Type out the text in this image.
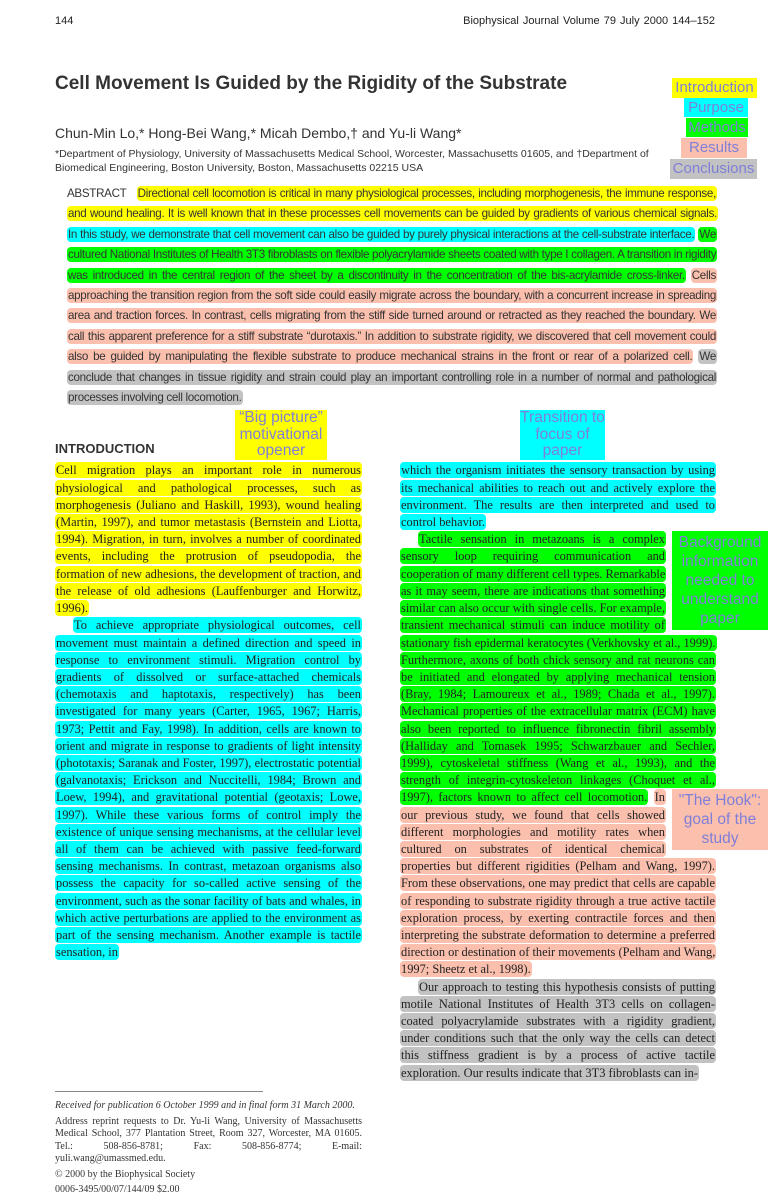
144	Biophysical Journal Volume 79 July 2000 144–152
Cell Movement Is Guided by the Rigidity of the Substrate
Chun-Min Lo,* Hong-Bei Wang,* Micah Dembo,† and Yu-li Wang*
*Department of Physiology, University of Massachusetts Medical School, Worcester, Massachusetts 01605, and †Department of Biomedical Engineering, Boston University, Boston, Massachusetts 02215 USA
Introduction
Purpose
Methods
Results
Conclusions
ABSTRACT Directional cell locomotion is critical in many physiological processes, including morphogenesis, the immune response, and wound healing. It is well known that in these processes cell movements can be guided by gradients of various chemical signals. In this study, we demonstrate that cell movement can also be guided by purely physical interactions at the cell-substrate interface. We cultured National Institutes of Health 3T3 fibroblasts on flexible polyacrylamide sheets coated with type I collagen. A transition in rigidity was introduced in the central region of the sheet by a discontinuity in the concentration of the bis-acrylamide cross-linker. Cells approaching the transition region from the soft side could easily migrate across the boundary, with a concurrent increase in spreading area and traction forces. In contrast, cells migrating from the stiff side turned around or retracted as they reached the boundary. We call this apparent preference for a stiff substrate “durotaxis.” In addition to substrate rigidity, we discovered that cell movement could also be guided by manipulating the flexible substrate to produce mechanical strains in the front or rear of a polarized cell. We conclude that changes in tissue rigidity and strain could play an important controlling role in a number of normal and pathological processes involving cell locomotion.
INTRODUCTION
“Big picture” motivational opener
Transition to focus of paper

Cell migration plays an important role in numerous physiological and pathological processes, such as morphogenesis (Juliano and Haskill, 1993), wound healing (Martin, 1997), and tumor metastasis (Bernstein and Liotta, 1994). Migration, in turn, involves a number of coordinated events, including the protrusion of pseudopodia, the formation of new adhesions, the development of traction, and the release of old adhesions (Lauffenburger and Horwitz, 1996).

To achieve appropriate physiological outcomes, cell movement must maintain a defined direction and speed in response to environment stimuli. Migration control by gradients of dissolved or surface-attached chemicals (chemotaxis and haptotaxis, respectively) has been investigated for many years (Carter, 1965, 1967; Harris, 1973; Pettit and Fay, 1998). In addition, cells are known to orient and migrate in response to gradients of light intensity (phototaxis; Saranak and Foster, 1997), electrostatic potential (galvanotaxis; Erickson and Nuccitelli, 1984; Brown and Loew, 1994), and gravitational potential (geotaxis; Lowe, 1997). While these various forms of control imply the existence of unique sensing mechanisms, at the cellular level all of them can be achieved with passive feed-forward sensing mechanisms. In contrast, metazoan organisms also possess the capacity for so-called active sensing of the environment, such as the sonar facility of bats and whales, in which active perturbations are applied to the environment as part of the sensing mechanism. Another example is tactile sensation, in

Received for publication 6 October 1999 and in final form 31 March 2000.

Address reprint requests to Dr. Yu-li Wang, University of Massachusetts Medical School, 377 Plantation Street, Room 327, Worcester, MA 01605. Tel.: 508-856-8781; Fax: 508-856-8774; E-mail: yuli.wang@umassmed.edu.

© 2000 by the Biophysical Society

0006-3495/00/07/144/09 $2.00

which the organism initiates the sensory transaction by using its mechanical abilities to reach out and actively explore the environment. The results are then interpreted and used to control behavior.

Background information needed to understand paper
Tactile sensation in metazoans is a complex sensory loop requiring communication and cooperation of many different cell types. Remarkable as it may seem, there are indications that something similar can also occur with single cells. For example, transient mechanical stimuli can induce motility of stationary fish epidermal keratocytes (Verkhovsky et al., 1999). Furthermore, axons of both chick sensory and rat neurons can be initiated and elongated by applying mechanical tension (Bray, 1984; Lamoureux et al., 1989; Chada et al., 1997). Mechanical properties of the extracellular matrix (ECM) have also been reported to influence fibronectin fibril assembly (Halliday and Tomasek 1995; Schwarzbauer and Sechler, 1999), cytoskeletal stiffness (Wang et al., 1993), and the strength of integrin-cytoskeleton linkages (Choquet et al., 1997), factors known to affect cell locomotion.	"The Hook": goal of the study
In our previous study, we found that cells showed different morphologies and motility rates when cultured on substrates of identical chemical properties but different rigidities (Pelham and Wang, 1997). From these observations, one may predict that cells are capable of responding to substrate rigidity through a true active tactile exploration process, by exerting contractile forces and then interpreting the substrate deformation to determine a preferred direction or destination of their movements (Pelham and Wang, 1997; Sheetz et al., 1998).

Our approach to testing this hypothesis consists of putting motile National Institutes of Health 3T3 cells on collagen-coated polyacrylamide substrates with a rigidity gradient, under conditions such that the only way the cells can detect this stiffness gradient is by a process of active tactile exploration. Our results indicate that 3T3 fibroblasts can in-
